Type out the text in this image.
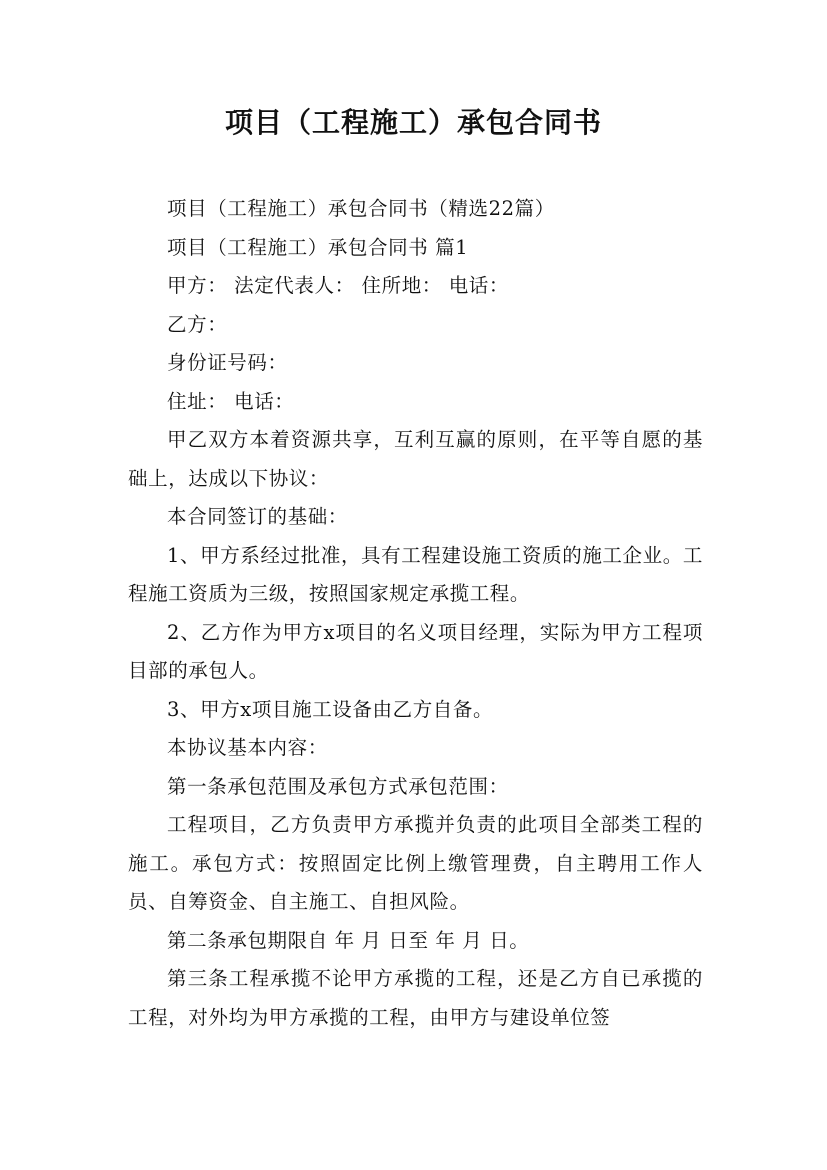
项目（工程施工）承包合同书

项目（工程施工）承包合同书（精选22篇）

项目（工程施工）承包合同书 篇1

甲方： 法定代表人： 住所地： 电话：

乙方：

身份证号码：

住址： 电话：

甲乙双方本着资源共享，互利互赢的原则，在平等自愿的基础上，达成以下协议：

本合同签订的基础：

1、甲方系经过批准，具有工程建设施工资质的施工企业。工程施工资质为三级，按照国家规定承揽工程。

2、乙方作为甲方x项目的名义项目经理，实际为甲方工程项目部的承包人。

3、甲方x项目施工设备由乙方自备。

本协议基本内容：

第一条承包范围及承包方式承包范围：

工程项目，乙方负责甲方承揽并负责的此项目全部类工程的施工。承包方式：按照固定比例上缴管理费，自主聘用工作人员、自筹资金、自主施工、自担风险。

第二条承包期限自 年 月 日至 年 月 日。

第三条工程承揽不论甲方承揽的工程，还是乙方自已承揽的工程，对外均为甲方承揽的工程，由甲方与建设单位签
